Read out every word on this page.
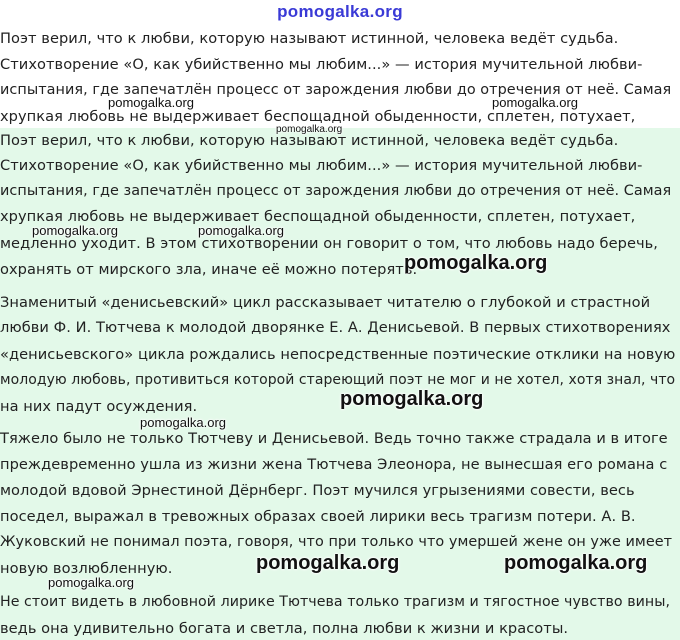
pomogalka.org
Поэт верил, что к любви, которую называют истинной, человека ведёт судьба.
Стихотворение «О, как убийственно мы любим...» — история мучительной любви-
испытания, где запечатлён процесс от зарождения любви до отречения от неё. Самая
хрупкая любовь не выдерживает беспощадной обыденности, сплетен, потухает,
Поэт верил, что к любви, которую называют истинной, человека ведёт судьба.
Стихотворение «О, как убийственно мы любим...» — история мучительной любви-
испытания, где запечатлён процесс от зарождения любви до отречения от неё. Самая
хрупкая любовь не выдерживает беспощадной обыденности, сплетен, потухает,
медленно уходит. В этом стихотворении он говорит о том, что любовь надо беречь,
охранять от мирского зла, иначе её можно потерять.
Знаменитый «денисьевский» цикл рассказывает читателю о глубокой и страстной
любви Ф. И. Тютчева к молодой дворянке Е. А. Денисьевой. В первых стихотворениях
«денисьевского» цикла рождались непосредственные поэтические отклики на новую
молодую любовь, противиться которой стареющий поэт не мог и не хотел, хотя знал, что
на них падут осуждения.
Тяжело было не только Тютчеву и Денисьевой. Ведь точно также страдала и в итоге
преждевременно ушла из жизни жена Тютчева Элеонора, не вынесшая его романа с
молодой вдовой Эрнестиной Дёрнберг. Поэт мучился угрызениями совести, весь
поседел, выражал в тревожных образах своей лирики весь трагизм потери. А. В.
Жуковский не понимал поэта, говоря, что при только что умершей жене он уже имеет
новую возлюбленную.
Не стоит видеть в любовной лирике Тютчева только трагизм и тягостное чувство вины,
ведь она удивительно богата и светла, полна любви к жизни и красоты.
pomogalka.org	pomogalka.org
pomogalka.org
pomogalka.org	pomogalka.org
pomogalka.org
pomogalka.org
pomogalka.org
pomogalka.org	pomogalka.org
pomogalka.org
